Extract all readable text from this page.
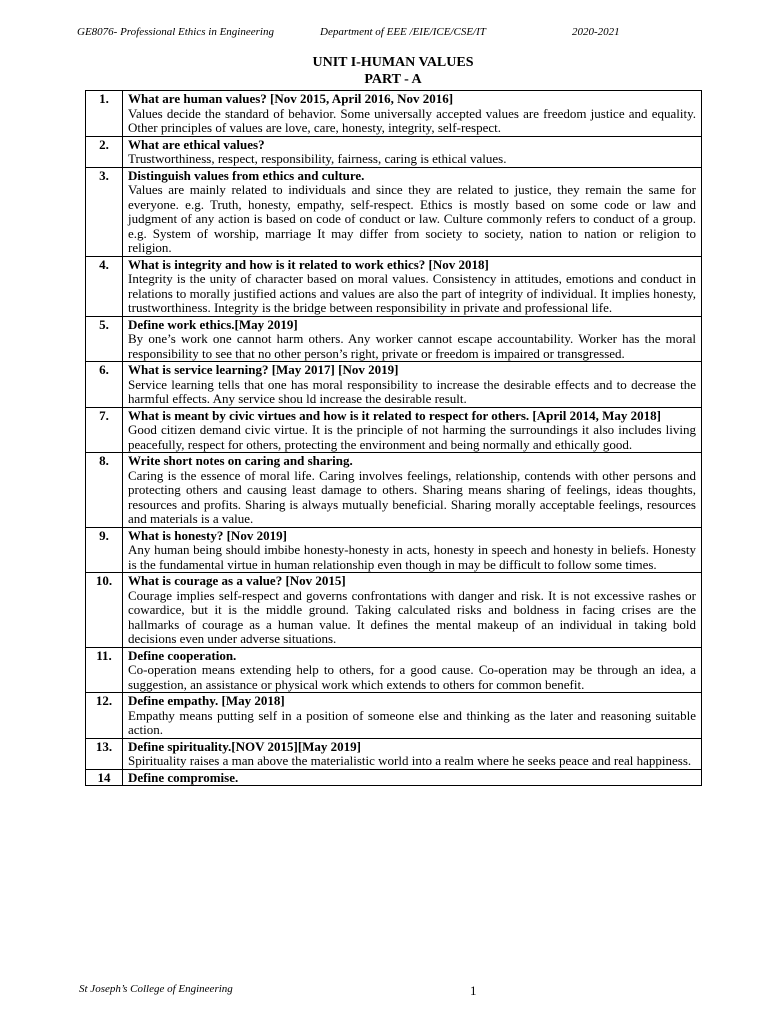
GE8076- Professional Ethics in Engineering	Department of EEE /EIE/ICE/CSE/IT	2020-2021
UNIT I-HUMAN VALUES
PART - A
1.	What are human values? [Nov 2015, April 2016, Nov 2016]
Values decide the standard of behavior. Some universally accepted values are freedom justice and equality. Other principles of values are love, care, honesty, integrity, self-respect.

2.	What are ethical values?
Trustworthiness, respect, responsibility, fairness, caring is ethical values.

3.	Distinguish values from ethics and culture.
Values are mainly related to individuals and since they are related to justice, they remain the same for everyone. e.g. Truth, honesty, empathy, self-respect. Ethics is mostly based on some code or law and judgment of any action is based on code of conduct or law. Culture commonly refers to conduct of a group. e.g. System of worship, marriage It may differ from society to society, nation to nation or religion to religion.

4.	What is integrity and how is it related to work ethics? [Nov 2018]
Integrity is the unity of character based on moral values. Consistency in attitudes, emotions and conduct in relations to morally justified actions and values are also the part of integrity of individual. It implies honesty, trustworthiness. Integrity is the bridge between responsibility in private and professional life.

5.	Define work ethics.[May 2019]
By one’s work one cannot harm others. Any worker cannot escape accountability. Worker has the moral responsibility to see that no other person’s right, private or freedom is impaired or transgressed.

6.	What is service learning? [May 2017] [Nov 2019]
Service learning tells that one has moral responsibility to increase the desirable effects and to decrease the harmful effects. Any service shou ld increase the desirable result.

7.	What is meant by civic virtues and how is it related to respect for others. [April 2014, May 2018]
Good citizen demand civic virtue. It is the principle of not harming the surroundings it also includes living peacefully, respect for others, protecting the environment and being normally and ethically good.

8.	Write short notes on caring and sharing.
Caring is the essence of moral life. Caring involves feelings, relationship, contends with other persons and protecting others and causing least damage to others. Sharing means sharing of feelings, ideas thoughts, resources and profits. Sharing is always mutually beneficial. Sharing morally acceptable feelings, resources and materials is a value.

9.	What is honesty? [Nov 2019]
Any human being should imbibe honesty-honesty in acts, honesty in speech and honesty in beliefs. Honesty is the fundamental virtue in human relationship even though in may be difficult to follow some times.

10.	What is courage as a value? [Nov 2015]
Courage implies self-respect and governs confrontations with danger and risk. It is not excessive rashes or cowardice, but it is the middle ground. Taking calculated risks and boldness in facing crises are the hallmarks of courage as a human value. It defines the mental makeup of an individual in taking bold decisions even under adverse situations.

11.	Define cooperation.
Co-operation means extending help to others, for a good cause. Co-operation may be through an idea, a suggestion, an assistance or physical work which extends to others for common benefit.

12.	Define empathy. [May 2018]
Empathy means putting self in a position of someone else and thinking as the later and reasoning suitable action.

13.	Define spirituality.[NOV 2015][May 2019]
Spirituality raises a man above the materialistic world into a realm where he seeks peace and real happiness.

14	Define compromise.
St Joseph’s College of Engineering	1
